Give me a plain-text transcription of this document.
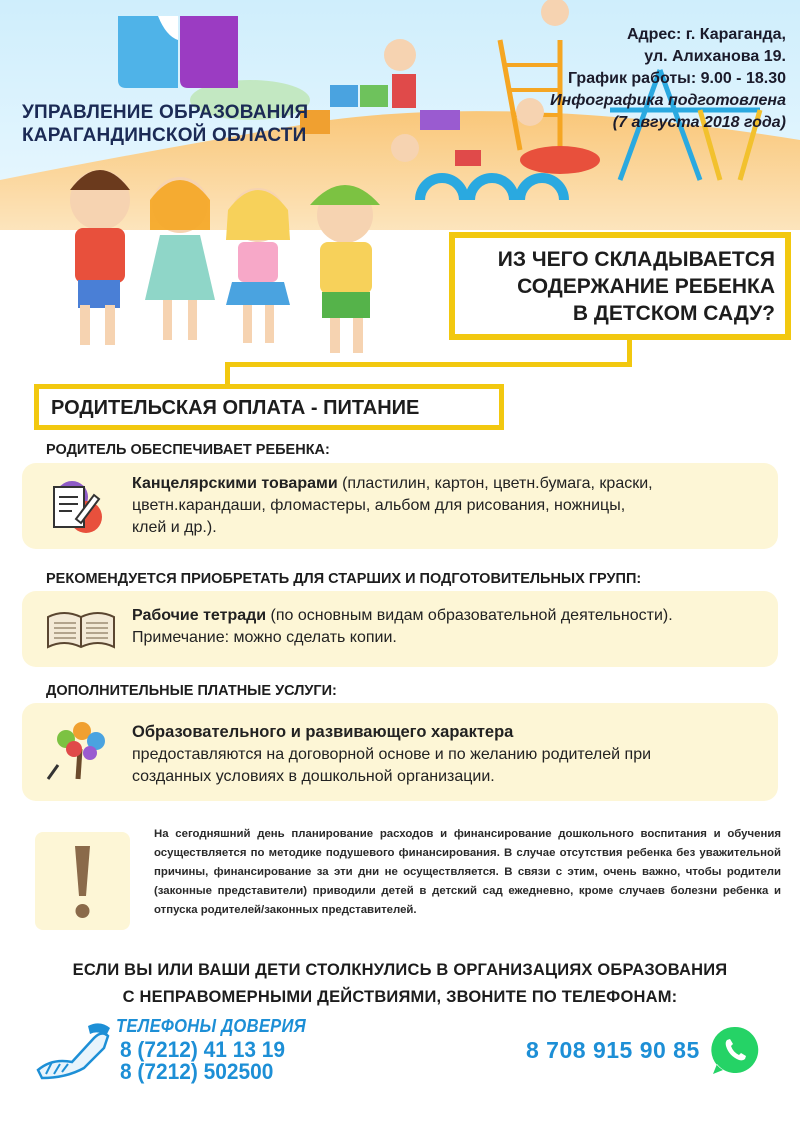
УПРАВЛЕНИЕ ОБРАЗОВАНИЯ
КАРАГАНДИНСКОЙ ОБЛАСТИ
Адрес: г. Караганда,
ул. Алиханова 19.
График работы: 9.00 - 18.30
Инфографика подготовлена
(7 августа 2018 года)
ИЗ ЧЕГО СКЛАДЫВАЕТСЯ
СОДЕРЖАНИЕ РЕБЕНКА
В ДЕТСКОМ САДУ?
РОДИТЕЛЬСКАЯ ОПЛАТА - ПИТАНИЕ
РОДИТЕЛЬ ОБЕСПЕЧИВАЕТ РЕБЕНКА:
Канцелярскими товарами (пластилин, картон, цветн.бумага, краски,
цветн.карандаши, фломастеры, альбом для рисования, ножницы,
клей и др.).
РЕКОМЕНДУЕТСЯ ПРИОБРЕТАТЬ ДЛЯ СТАРШИХ И ПОДГОТОВИТЕЛЬНЫХ ГРУПП:
Рабочие тетради (по основным видам образовательной деятельности).
Примечание: можно сделать копии.
ДОПОЛНИТЕЛЬНЫЕ ПЛАТНЫЕ УСЛУГИ:
Образовательного и развивающего характера
предоставляются на договорной основе и по желанию родителей при
созданных условиях в дошкольной организации.
На сегодняшний день планирование расходов и финансирование дошкольного воспитания и обучения осуществляется по методике подушевого финансирования. В случае отсутствия ребенка без уважительной причины, финансирование за эти дни не осуществляется. В связи с этим, очень важно, чтобы родители (законные представители) приводили детей в детский сад ежедневно, кроме случаев болезни ребенка и отпуска родителей/законных представителей.
ЕСЛИ ВЫ ИЛИ ВАШИ ДЕТИ СТОЛКНУЛИСЬ В ОРГАНИЗАЦИЯХ ОБРАЗОВАНИЯ
С НЕПРАВОМЕРНЫМИ ДЕЙСТВИЯМИ, ЗВОНИТЕ ПО ТЕЛЕФОНАМ:
ТЕЛЕФОНЫ ДОВЕРИЯ
8 (7212) 41 13 19
8 (7212) 502500
8 708 915 90 85
